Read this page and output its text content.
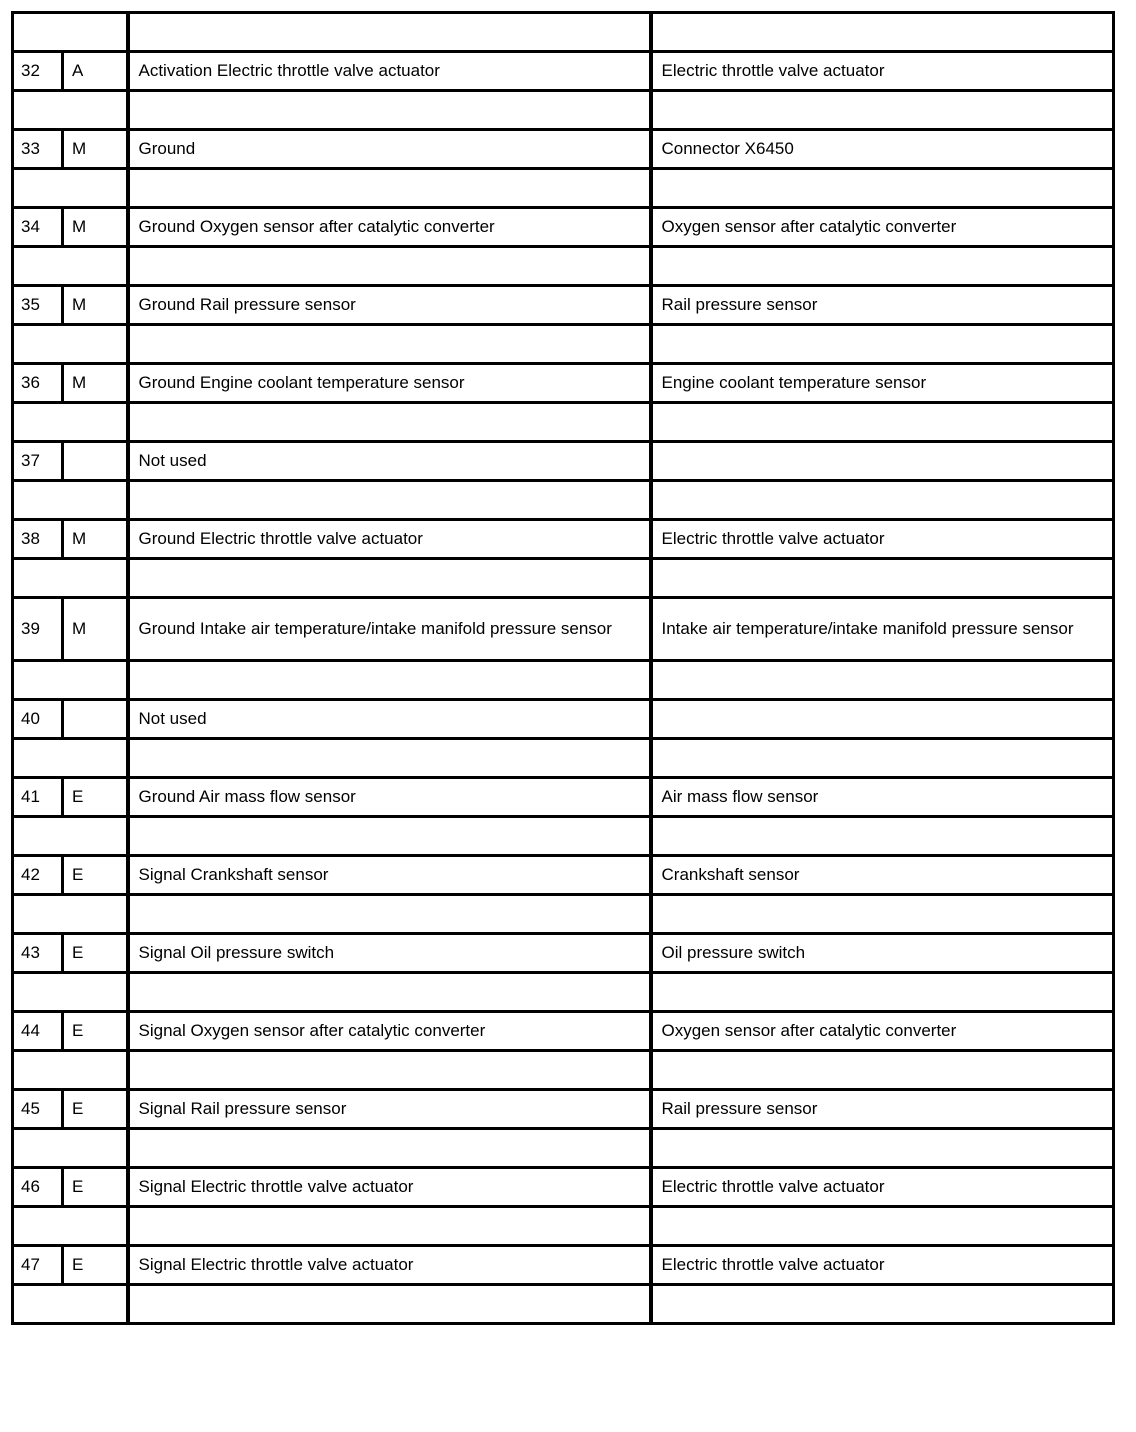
32	A	Activation Electric throttle valve actuator	Electric throttle valve actuator

33	M	Ground	Connector X6450

34	M	Ground Oxygen sensor after catalytic converter	Oxygen sensor after catalytic converter

35	M	Ground Rail pressure sensor	Rail pressure sensor

36	M	Ground Engine coolant temperature sensor	Engine coolant temperature sensor

37		Not used	

38	M	Ground Electric throttle valve actuator	Electric throttle valve actuator

39	M	Ground Intake air temperature/intake manifold pressure sensor	Intake air temperature/intake manifold pressure sensor

40		Not used	

41	E	Ground Air mass flow sensor	Air mass flow sensor

42	E	Signal Crankshaft sensor	Crankshaft sensor

43	E	Signal Oil pressure switch	Oil pressure switch

44	E	Signal Oxygen sensor after catalytic converter	Oxygen sensor after catalytic converter

45	E	Signal Rail pressure sensor	Rail pressure sensor

46	E	Signal Electric throttle valve actuator	Electric throttle valve actuator

47	E	Signal Electric throttle valve actuator	Electric throttle valve actuator
